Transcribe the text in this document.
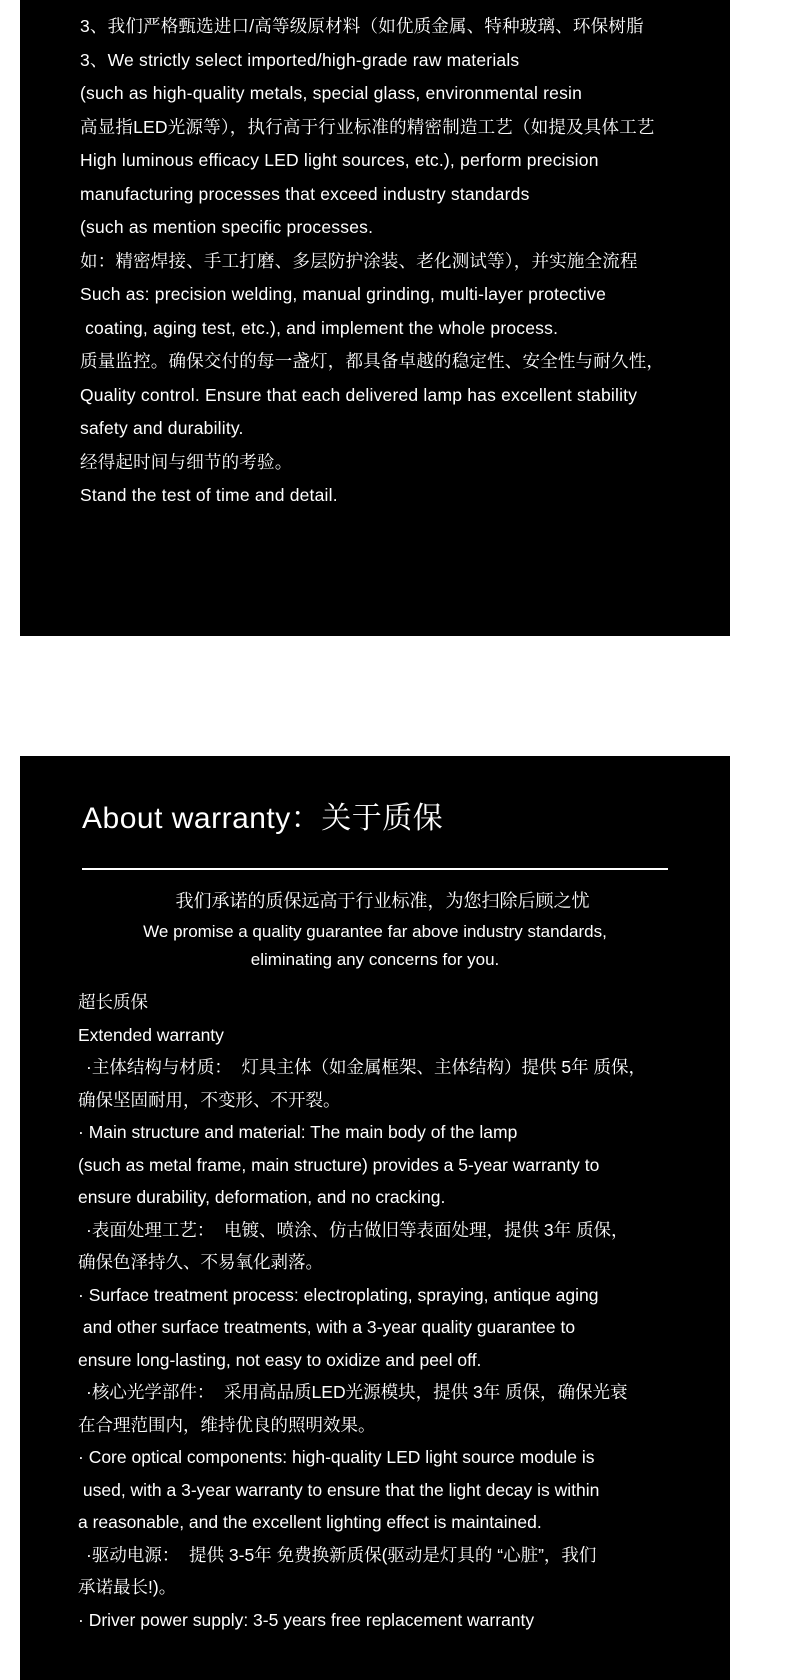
3、我们严格甄选进口/高等级原材料（如优质金属、特种玻璃、环保树脂
3、We strictly select imported/high-grade raw materials
(such as high-quality metals, special glass, environmental resin
高显指LED光源等），执行高于行业标准的精密制造工艺（如提及具体工艺
High luminous efficacy LED light sources, etc.), perform precision
manufacturing processes that exceed industry standards
(such as mention specific processes.
如：精密焊接、手工打磨、多层防护涂装、老化测试等），并实施全流程
Such as: precision welding, manual grinding, multi-layer protective
coating, aging test, etc.), and implement the whole process.
质量监控。确保交付的每一盏灯，都具备卓越的稳定性、安全性与耐久性，
Quality control. Ensure that each delivered lamp has excellent stability
safety and durability.
经得起时间与细节的考验。
Stand the test of time and detail.
About warranty：关于质保
我们承诺的质保远高于行业标准，为您扫除后顾之忧
We promise a quality guarantee far above industry standards,
eliminating any concerns for you.
超长质保
Extended warranty
·主体结构与材质：  灯具主体（如金属框架、主体结构）提供 5年 质保，
确保坚固耐用，不变形、不开裂。
· Main structure and material: The main body of the lamp
(such as metal frame, main structure) provides a 5-year warranty to
ensure durability, deformation, and no cracking.
·表面处理工艺：  电镀、喷涂、仿古做旧等表面处理，提供 3年 质保，
确保色泽持久、不易氧化剥落。
· Surface treatment process: electroplating, spraying, antique aging
and other surface treatments, with a 3-year quality guarantee to
ensure long-lasting, not easy to oxidize and peel off.
·核心光学部件：  采用高品质LED光源模块，提供 3年 质保，确保光衰
在合理范围内，维持优良的照明效果。
· Core optical components: high-quality LED light source module is
used, with a 3-year warranty to ensure that the light decay is within
a reasonable, and the excellent lighting effect is maintained.
·驱动电源：  提供 3-5年 免费换新质保(驱动是灯具的 “心脏”，我们
承诺最长!)。
· Driver power supply: 3-5 years free replacement warranty
